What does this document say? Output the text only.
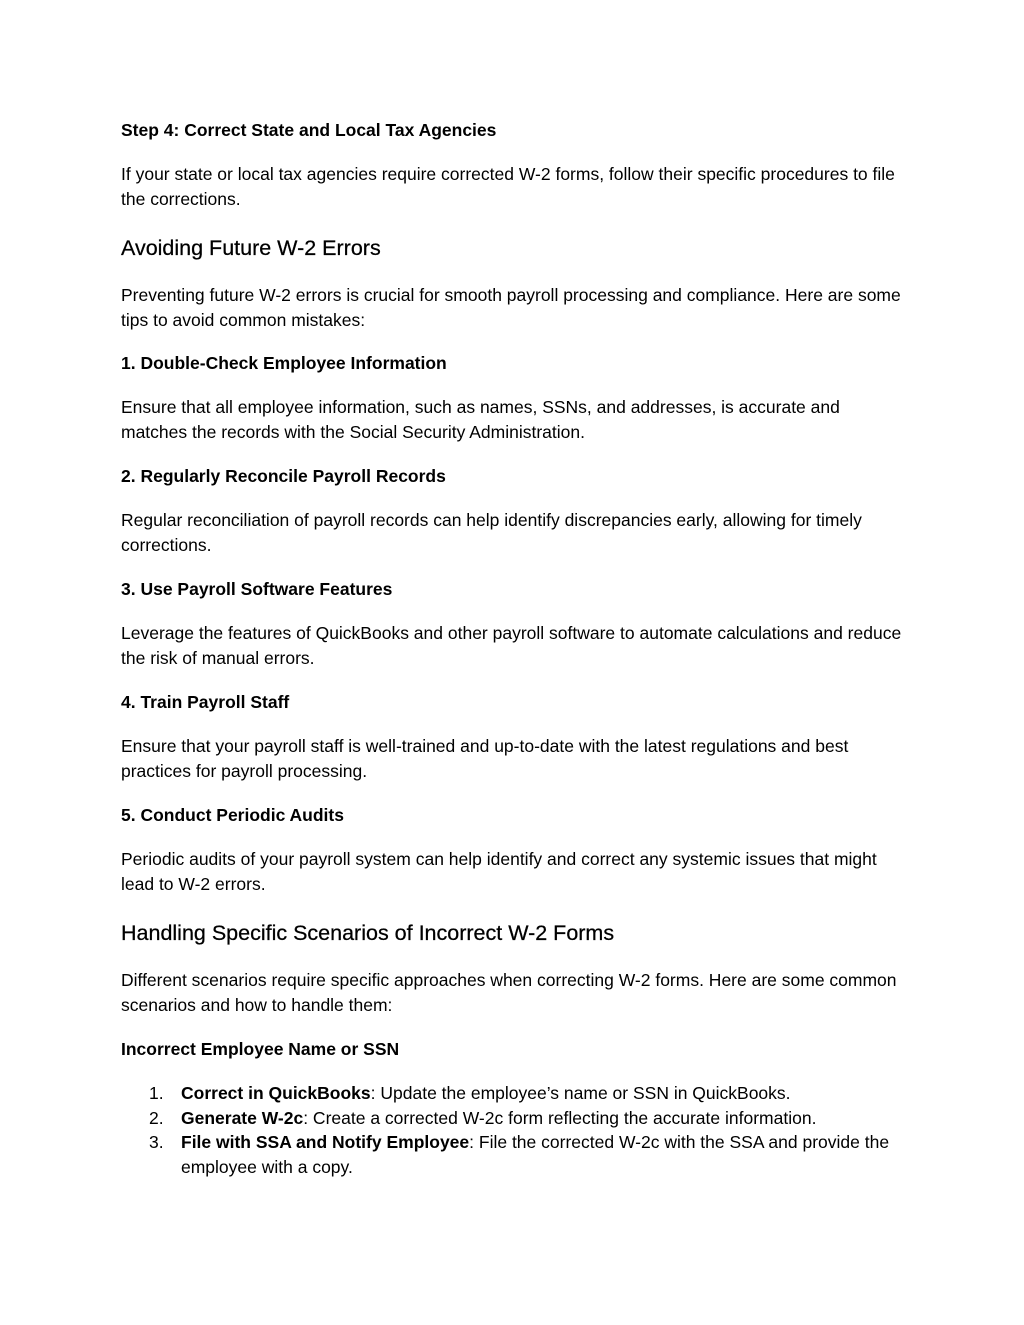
Step 4: Correct State and Local Tax Agencies
If your state or local tax agencies require corrected W-2 forms, follow their specific procedures to file the corrections.
Avoiding Future W-2 Errors
Preventing future W-2 errors is crucial for smooth payroll processing and compliance. Here are some tips to avoid common mistakes:
1. Double-Check Employee Information
Ensure that all employee information, such as names, SSNs, and addresses, is accurate and matches the records with the Social Security Administration.
2. Regularly Reconcile Payroll Records
Regular reconciliation of payroll records can help identify discrepancies early, allowing for timely corrections.
3. Use Payroll Software Features
Leverage the features of QuickBooks and other payroll software to automate calculations and reduce the risk of manual errors.
4. Train Payroll Staff
Ensure that your payroll staff is well-trained and up-to-date with the latest regulations and best practices for payroll processing.
5. Conduct Periodic Audits
Periodic audits of your payroll system can help identify and correct any systemic issues that might lead to W-2 errors.
Handling Specific Scenarios of Incorrect W-2 Forms
Different scenarios require specific approaches when correcting W-2 forms. Here are some common scenarios and how to handle them:
Incorrect Employee Name or SSN
1. Correct in QuickBooks: Update the employee’s name or SSN in QuickBooks.
2. Generate W-2c: Create a corrected W-2c form reflecting the accurate information.
3. File with SSA and Notify Employee: File the corrected W-2c with the SSA and provide the employee with a copy.
